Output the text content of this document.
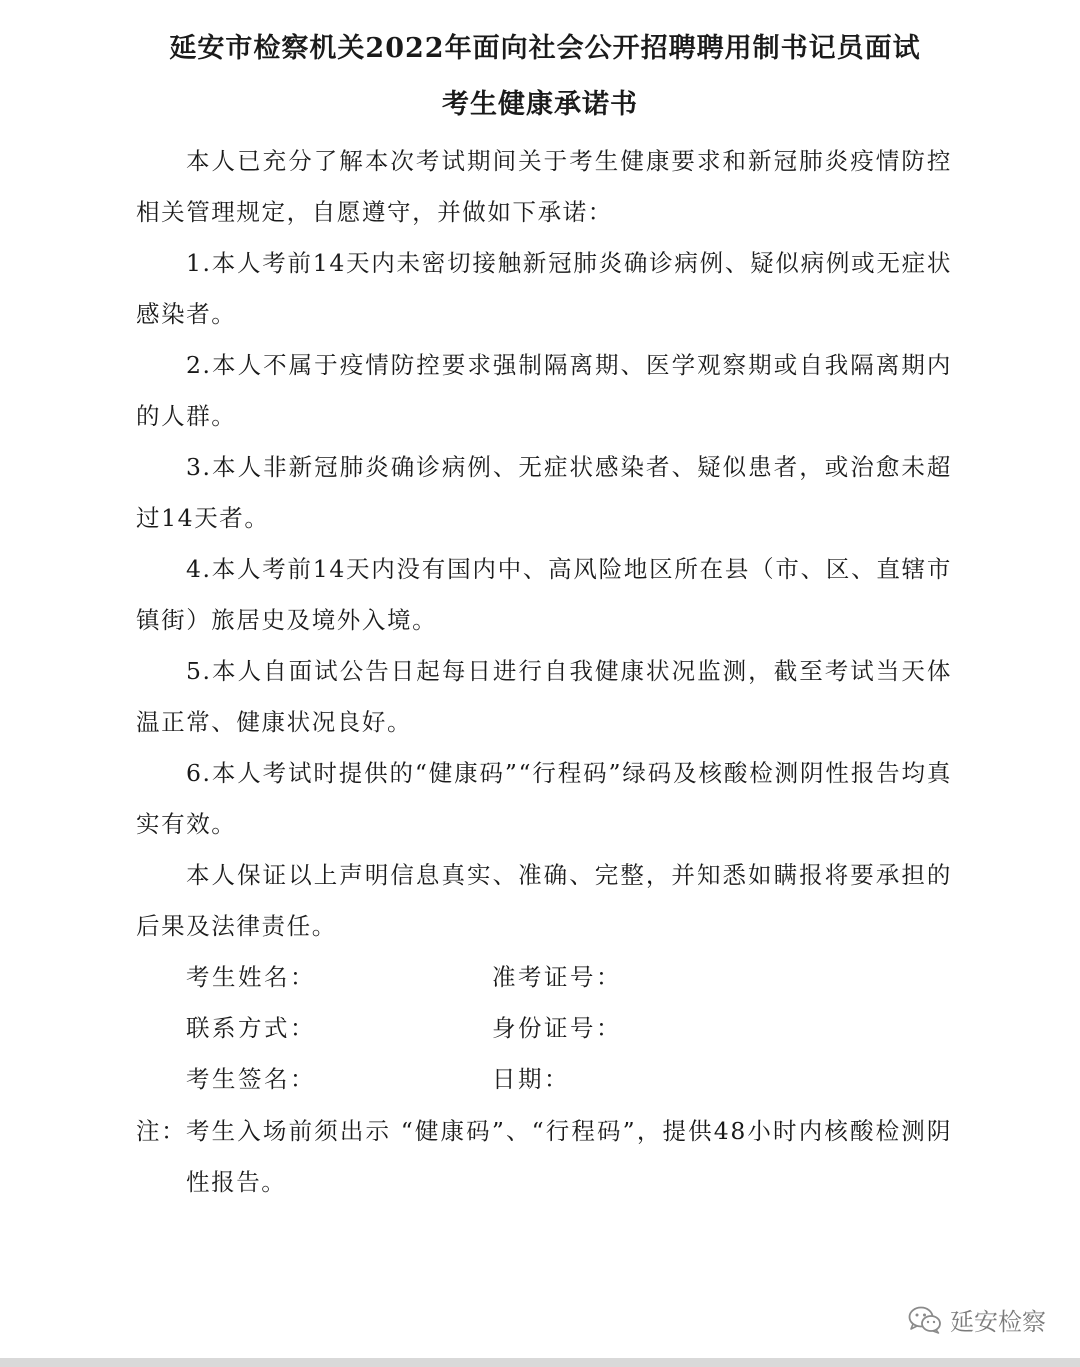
延安市检察机关2022年面向社会公开招聘聘用制书记员面试
考生健康承诺书
本人已充分了解本次考试期间关于考生健康要求和新冠肺炎疫情防控相关管理规定，自愿遵守，并做如下承诺：
1.本人考前14天内未密切接触新冠肺炎确诊病例、疑似病例或无症状感染者。
2.本人不属于疫情防控要求强制隔离期、医学观察期或自我隔离期内的人群。
3.本人非新冠肺炎确诊病例、无症状感染者、疑似患者，或治愈未超过14天者。
4.本人考前14天内没有国内中、高风险地区所在县（市、区、直辖市镇街）旅居史及境外入境。
5.本人自面试公告日起每日进行自我健康状况监测，截至考试当天体温正常、健康状况良好。
6.本人考试时提供的“健康码”“行程码”绿码及核酸检测阴性报告均真实有效。
本人保证以上声明信息真实、准确、完整，并知悉如瞒报将要承担的后果及法律责任。
考生姓名：	准考证号：
联系方式：	身份证号：
考生签名：	日期：
注： 考生入场前须出示 “健康码”、“行程码”，提供48小时内核酸检测阴性报告。
延安检察
